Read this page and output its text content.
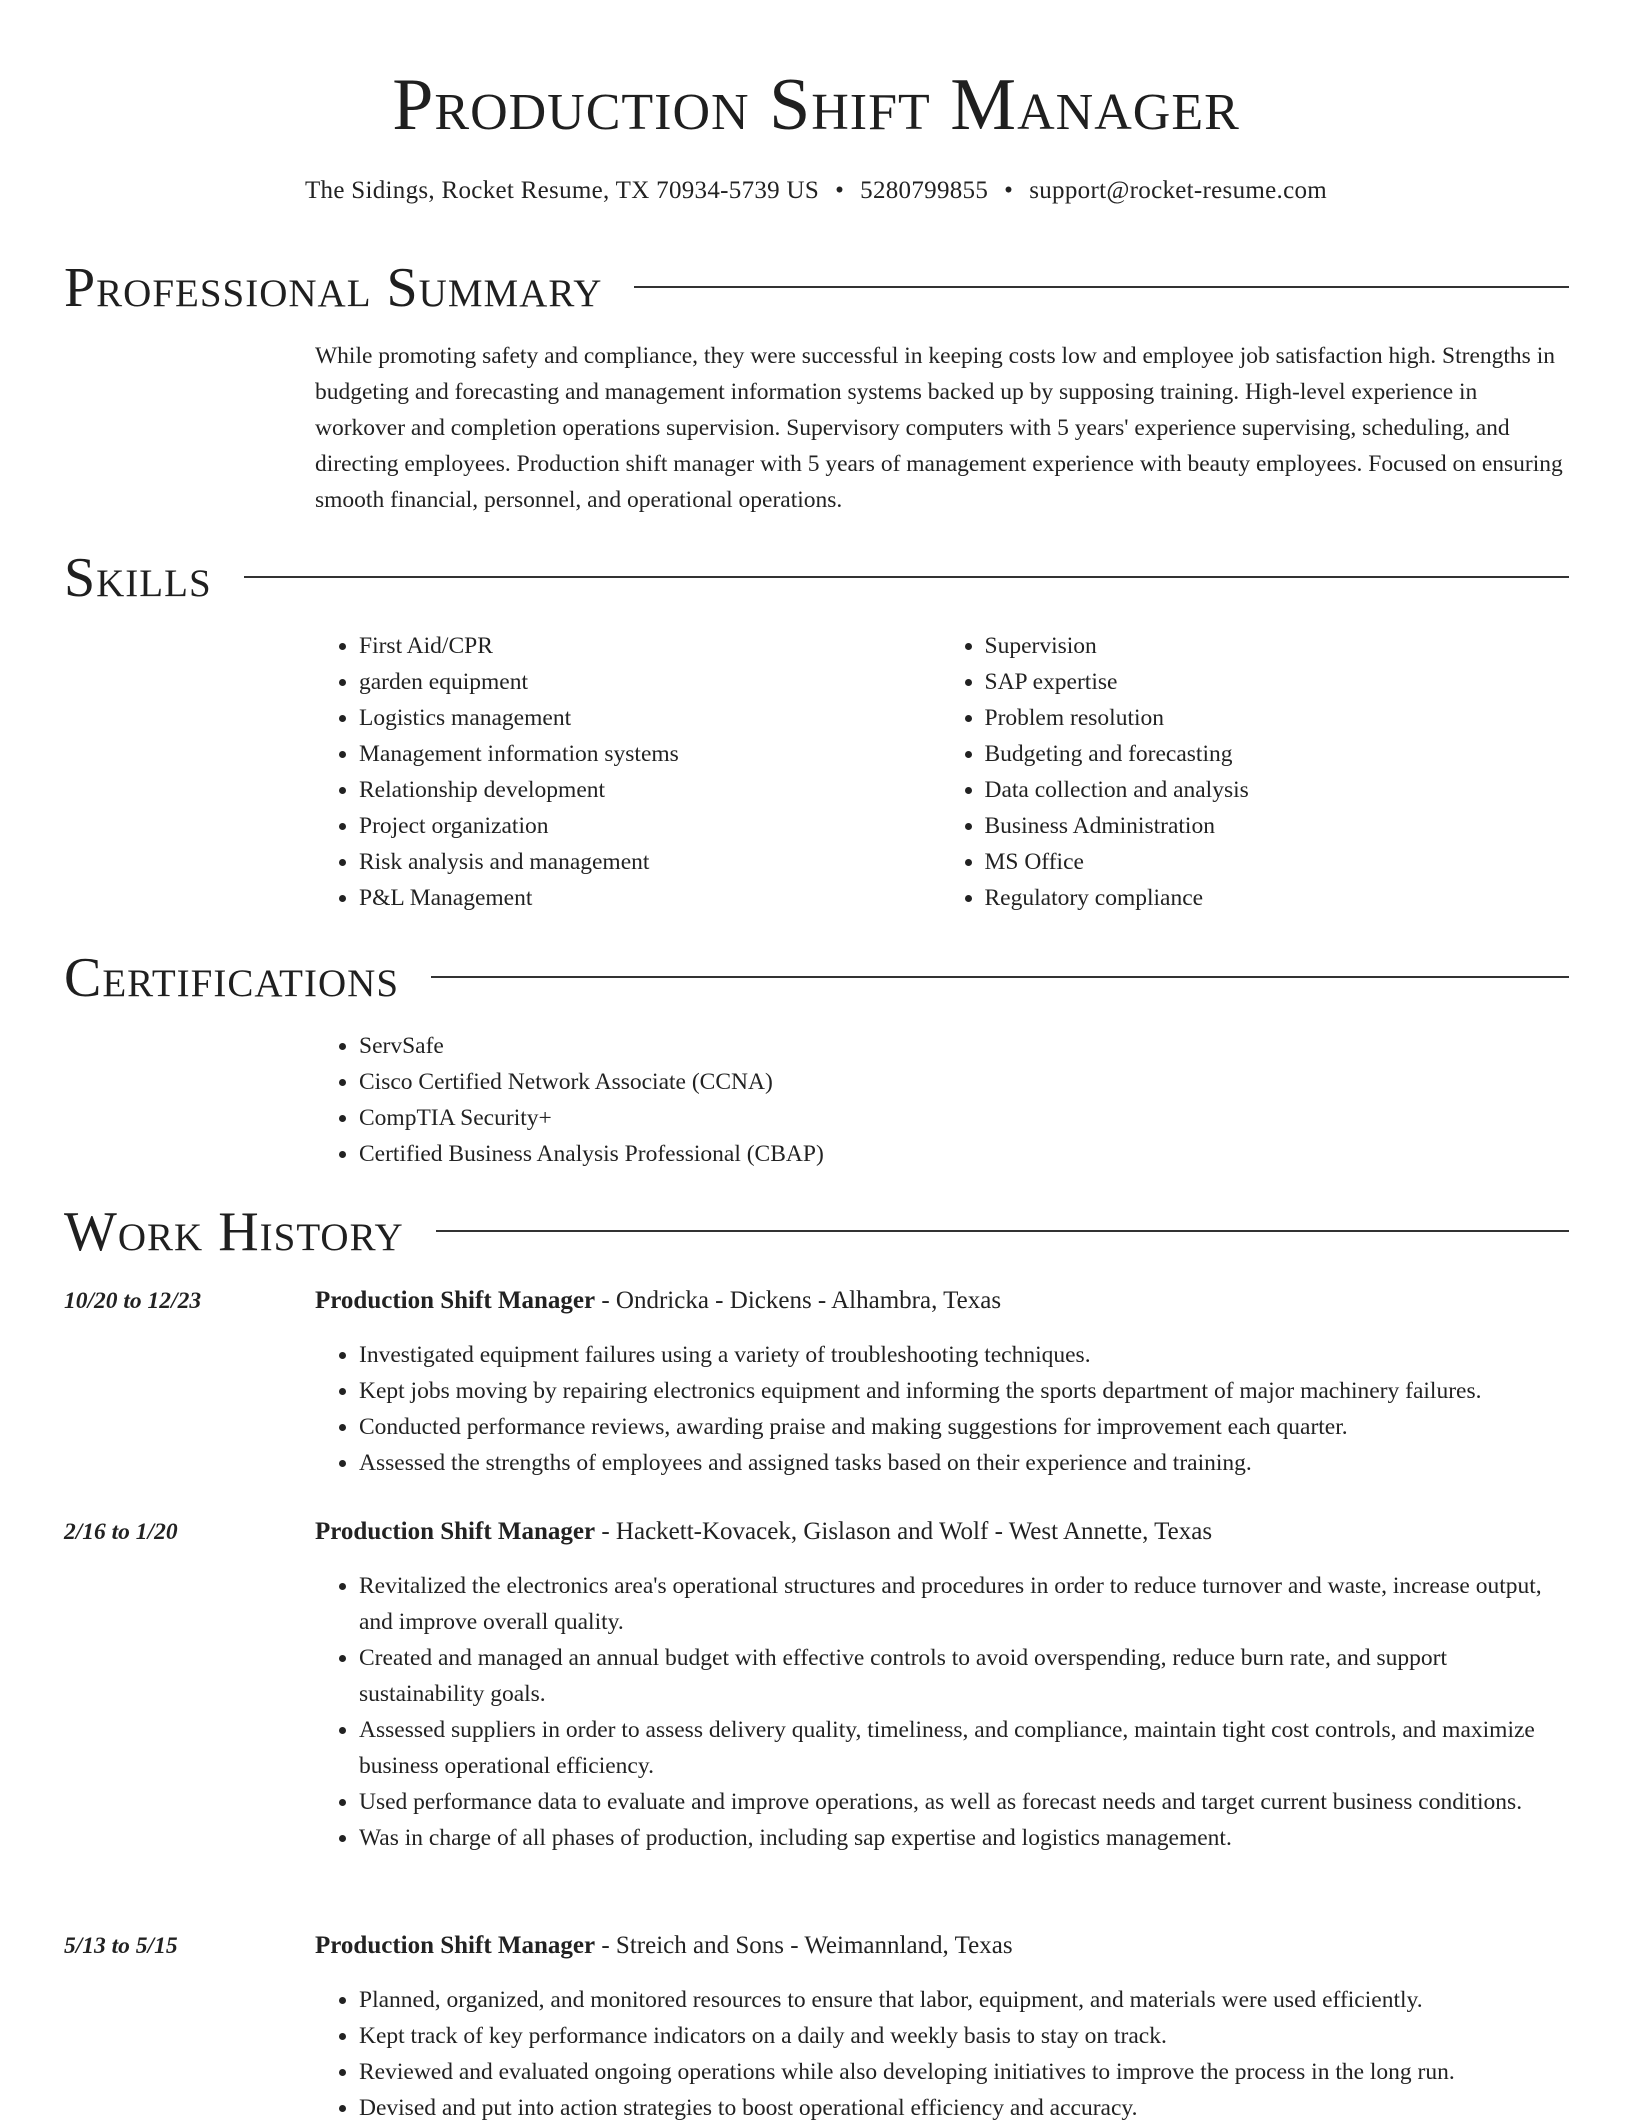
Production Shift Manager
The Sidings, Rocket Resume, TX 70934-5739 US • 5280799855 • support@rocket-resume.com
Professional Summary

While promoting safety and compliance, they were successful in keeping costs low and employee job satisfaction high. Strengths in budgeting and forecasting and management information systems backed up by supposing training. High-level experience in workover and completion operations supervision. Supervisory computers with 5 years' experience supervising, scheduling, and directing employees. Production shift manager with 5 years of management experience with beauty employees. Focused on ensuring smooth financial, personnel, and operational operations.

Skills
• First Aid/CPR
• garden equipment
• Logistics management
• Management information systems
• Relationship development
• Project organization
• Risk analysis and management
• P&L Management
• Supervision
• SAP expertise
• Problem resolution
• Budgeting and forecasting
• Data collection and analysis
• Business Administration
• MS Office
• Regulatory compliance
Certifications
• ServSafe
• Cisco Certified Network Associate (CCNA)
• CompTIA Security+
• Certified Business Analysis Professional (CBAP)
Work History
10/20 to 12/23	Production Shift Manager - Ondricka - Dickens - Alhambra, Texas
• Investigated equipment failures using a variety of troubleshooting techniques.
• Kept jobs moving by repairing electronics equipment and informing the sports department of major machinery failures.
• Conducted performance reviews, awarding praise and making suggestions for improvement each quarter.
• Assessed the strengths of employees and assigned tasks based on their experience and training.
2/16 to 1/20	Production Shift Manager - Hackett-Kovacek, Gislason and Wolf - West Annette, Texas
• Revitalized the electronics area's operational structures and procedures in order to reduce turnover and waste, increase output, and improve overall quality.
• Created and managed an annual budget with effective controls to avoid overspending, reduce burn rate, and support sustainability goals.
• Assessed suppliers in order to assess delivery quality, timeliness, and compliance, maintain tight cost controls, and maximize business operational efficiency.
• Used performance data to evaluate and improve operations, as well as forecast needs and target current business conditions.
• Was in charge of all phases of production, including sap expertise and logistics management.
5/13 to 5/15	Production Shift Manager - Streich and Sons - Weimannland, Texas
• Planned, organized, and monitored resources to ensure that labor, equipment, and materials were used efficiently.
• Kept track of key performance indicators on a daily and weekly basis to stay on track.
• Reviewed and evaluated ongoing operations while also developing initiatives to improve the process in the long run.
• Devised and put into action strategies to boost operational efficiency and accuracy.
